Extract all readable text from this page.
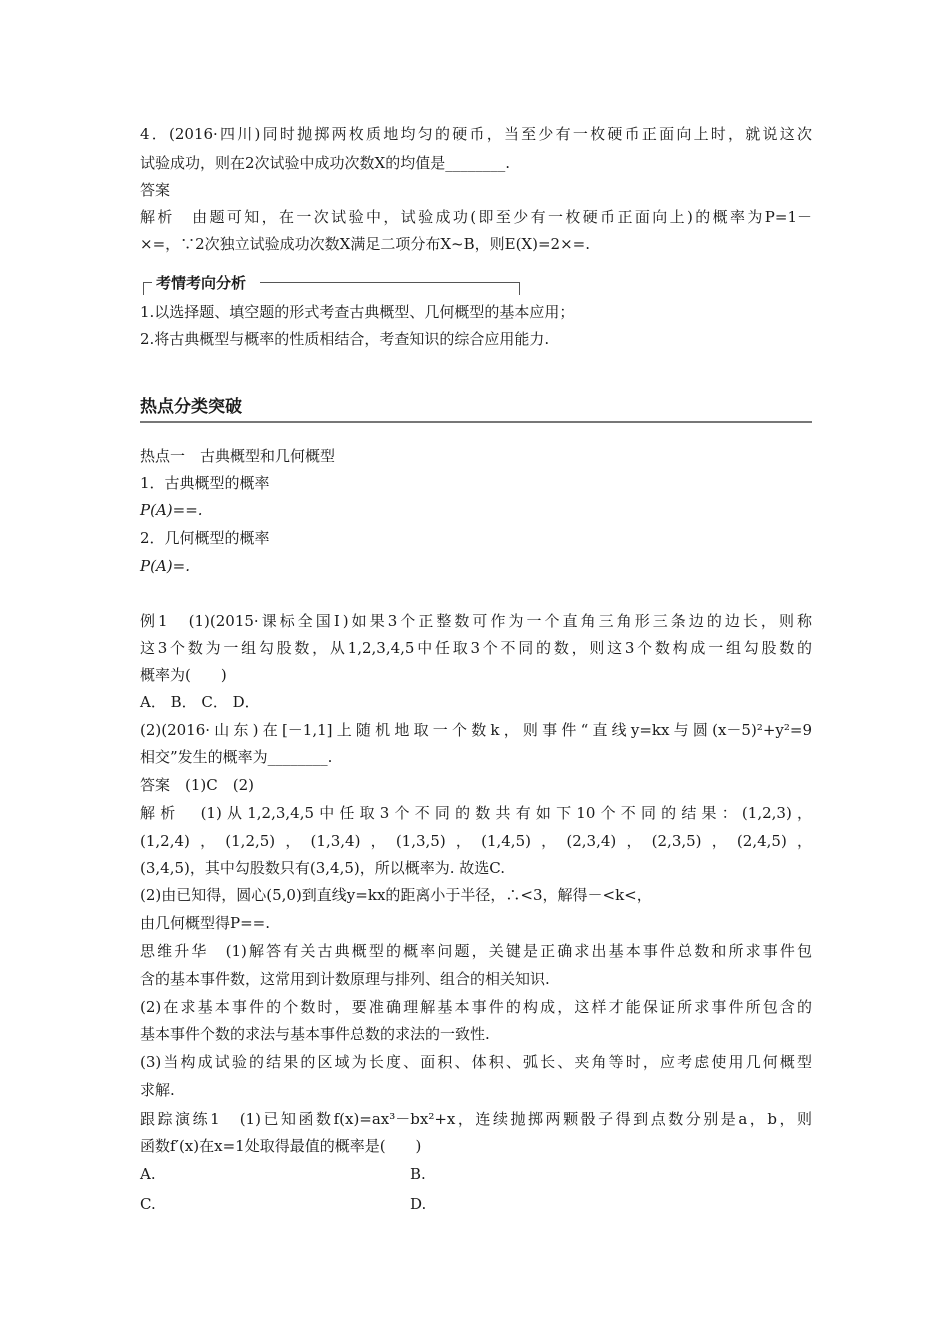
4．(2016·四川)同时抛掷两枚质地均匀的硬币，当至少有一枚硬币正面向上时，就说这次
试验成功，则在2次试验中成功次数X的均值是________.
答案
解析　由题可知，在一次试验中，试验成功(即至少有一枚硬币正面向上)的概率为P=1－
×=，∵2次独立试验成功次数X满足二项分布X~B，则E(X)=2×=.
考情考向分析
1.以选择题、填空题的形式考查古典概型、几何概型的基本应用；
2.将古典概型与概率的性质相结合，考查知识的综合应用能力.
热点分类突破
热点一　古典概型和几何概型
1．古典概型的概率
P(A)==.
2．几何概型的概率
P(A)=.
例1　(1)(2015·课标全国Ⅰ)如果3个正整数可作为一个直角三角形三条边的边长，则称
这3个数为一组勾股数，从1,2,3,4,5中任取3个不同的数，则这3个数构成一组勾股数的
概率为(　　)
A． B． C． D．
(2)(2016·山东)在[－1,1]上随机地取一个数k，则事件“直线y=kx与圆(x－5)²+y²=9
相交”发生的概率为________.
答案　(1)C　(2)
解析　(1)从1,2,3,4,5中任取3个不同的数共有如下10个不同的结果：(1,2,3)，
(1,2,4)，(1,2,5)，(1,3,4)，(1,3,5)，(1,4,5)，(2,3,4)，(2,3,5)，(2,4,5)，
(3,4,5)，其中勾股数只有(3,4,5)，所以概率为. 故选C.
(2)由已知得，圆心(5,0)到直线y=kx的距离小于半径，∴<3，解得－<k<，
由几何概型得P==.
思维升华　(1)解答有关古典概型的概率问题，关键是正确求出基本事件总数和所求事件包
含的基本事件数，这常用到计数原理与排列、组合的相关知识.
(2)在求基本事件的个数时，要准确理解基本事件的构成，这样才能保证所求事件所包含的
基本事件个数的求法与基本事件总数的求法的一致性.
(3)当构成试验的结果的区域为长度、面积、体积、弧长、夹角等时，应考虑使用几何概型
求解.
跟踪演练1　(1)已知函数f(x)=ax³－bx²+x，连续抛掷两颗骰子得到点数分别是a，b，则
函数f′(x)在x=1处取得最值的概率是(　　)
A.	B.
C.	D.
